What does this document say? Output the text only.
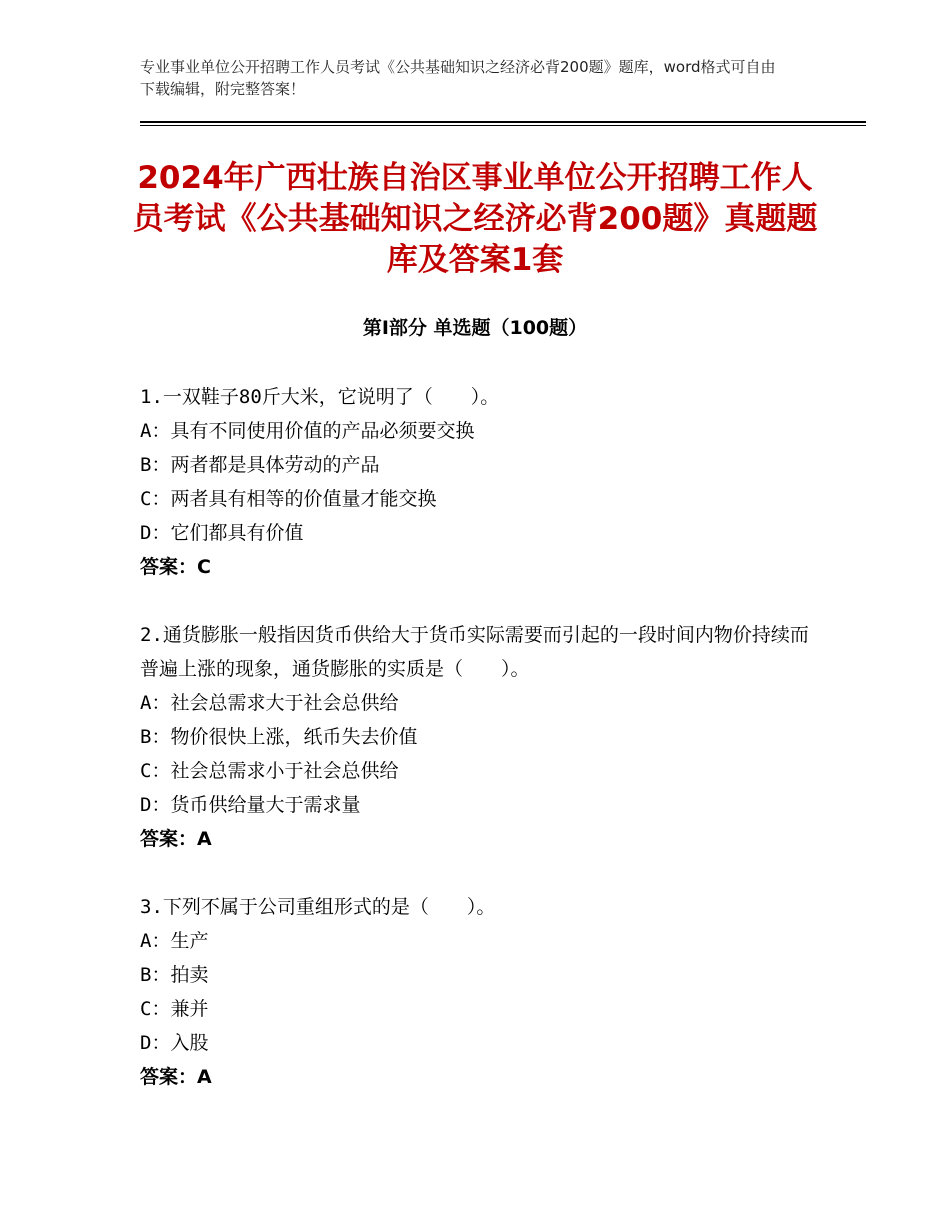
专业事业单位公开招聘工作人员考试《公共基础知识之经济必背200题》题库，word格式可自由下载编辑，附完整答案！
2024年广西壮族自治区事业单位公开招聘工作人员考试《公共基础知识之经济必背200题》真题题库及答案1套
第I部分 单选题（100题）

1.一双鞋子80斤大米，它说明了（　　）。

A：具有不同使用价值的产品必须要交换

B：两者都是具体劳动的产品

C：两者具有相等的价值量才能交换

D：它们都具有价值

答案：C

2.通货膨胀一般指因货币供给大于货币实际需要而引起的一段时间内物价持续而普遍上涨的现象，通货膨胀的实质是（　　）。

A：社会总需求大于社会总供给

B：物价很快上涨，纸币失去价值

C：社会总需求小于社会总供给

D：货币供给量大于需求量

答案：A

3.下列不属于公司重组形式的是（　　）。

A：生产

B：拍卖

C：兼并

D：入股

答案：A
